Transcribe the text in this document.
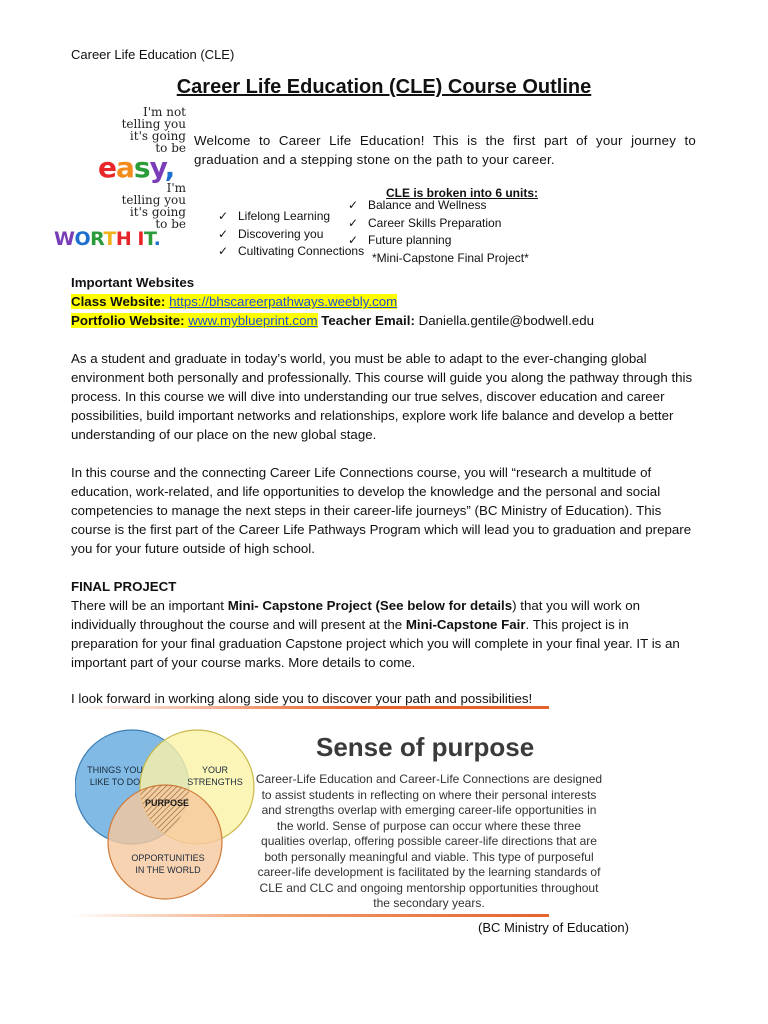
Career Life Education (CLE)
Career Life Education (CLE) Course Outline
I'm not
telling you
it's going
to be
easy,
I'm
telling you
it's going
to be
WORTH IT.
Welcome to Career Life Education! This is the first part of your journey to graduation and a stepping stone on the path to your career.
CLE is broken into 6 units:
✓ Lifelong Learning
✓ Discovering you
✓ Cultivating Connections
✓ Balance and Wellness
✓ Career Skills Preparation
✓ Future planning
*Mini-Capstone Final Project*
Important Websites
Class Website: https://bhscareerpathways.weebly.com
Portfolio Website: www.myblueprint.com Teacher Email: Daniella.gentile@bodwell.edu
As a student and graduate in today’s world, you must be able to adapt to the ever-changing global environment both personally and professionally. This course will guide you along the pathway through this process. In this course we will dive into understanding our true selves, discover education and career possibilities, build important networks and relationships, explore work life balance and develop a better understanding of our place on the new global stage.
In this course and the connecting Career Life Connections course, you will “research a multitude of education, work-related, and life opportunities to develop the knowledge and the personal and social competencies to manage the next steps in their career-life journeys” (BC Ministry of Education). This course is the first part of the Career Life Pathways Program which will lead you to graduation and prepare you for your future outside of high school.
FINAL PROJECT
There will be an important Mini- Capstone Project (See below for details) that you will work on individually throughout the course and will present at the Mini-Capstone Fair. This project is in preparation for your final graduation Capstone project which you will complete in your final year. IT is an important part of your course marks. More details to come.
I look forward in working along side you to discover your path and possibilities!
THINGS YOU
LIKE TO DO
YOUR
STRENGTHS
OPPORTUNITIES
IN THE WORLD
PURPOSE
Sense of purpose
Career-Life Education and Career-Life Connections are designed to assist students in reflecting on where their personal interests and strengths overlap with emerging career-life opportunities in the world. Sense of purpose can occur where these three qualities overlap, offering possible career-life directions that are both personally meaningful and viable. This type of purposeful career-life development is facilitated by the learning standards of CLE and CLC and ongoing mentorship opportunities throughout the secondary years.
(BC Ministry of Education)
